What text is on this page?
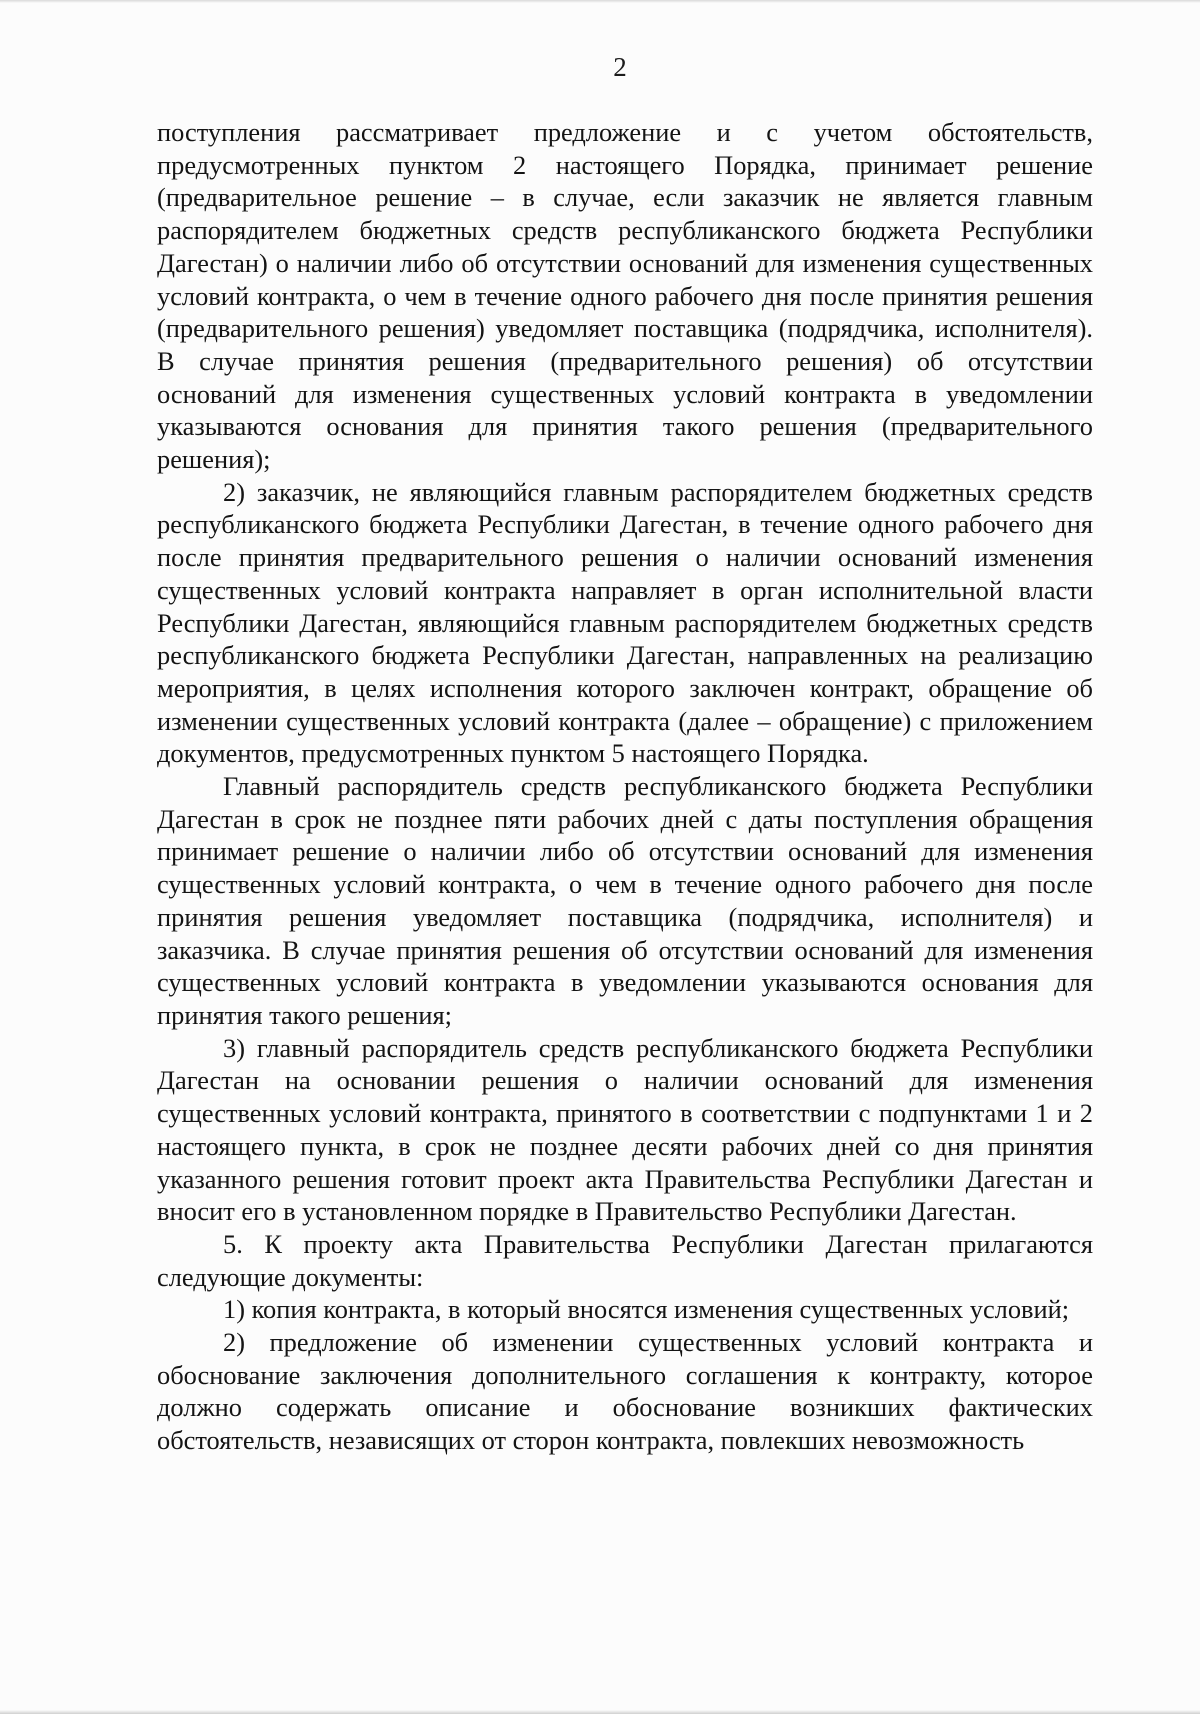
2

поступления рассматривает предложение и с учетом обстоятельств, предусмотренных пунктом 2 настоящего Порядка, принимает решение (предварительное решение – в случае, если заказчик не является главным распорядителем бюджетных средств республиканского бюджета Республики Дагестан) о наличии либо об отсутствии оснований для изменения существенных условий контракта, о чем в течение одного рабочего дня после принятия решения (предварительного решения) уведомляет поставщика (подрядчика, исполнителя). В случае принятия решения (предварительного решения) об отсутствии оснований для изменения существенных условий контракта в уведомлении указываются основания для принятия такого решения (предварительного решения);

2) заказчик, не являющийся главным распорядителем бюджетных средств республиканского бюджета Республики Дагестан, в течение одного рабочего дня после принятия предварительного решения о наличии оснований изменения существенных условий контракта направляет в орган исполнительной власти Республики Дагестан, являющийся главным распорядителем бюджетных средств республиканского бюджета Республики Дагестан, направленных на реализацию мероприятия, в целях исполнения которого заключен контракт, обращение об изменении существенных условий контракта (далее – обращение) с приложением документов, предусмотренных пунктом 5 настоящего Порядка.

Главный распорядитель средств республиканского бюджета Республики Дагестан в срок не позднее пяти рабочих дней с даты поступления обращения принимает решение о наличии либо об отсутствии оснований для изменения существенных условий контракта, о чем в течение одного рабочего дня после принятия решения уведомляет поставщика (подрядчика, исполнителя) и заказчика. В случае принятия решения об отсутствии оснований для изменения существенных условий контракта в уведомлении указываются основания для принятия такого решения;

3) главный распорядитель средств республиканского бюджета Республики Дагестан на основании решения о наличии оснований для изменения существенных условий контракта, принятого в соответствии с подпунктами 1 и 2 настоящего пункта, в срок не позднее десяти рабочих дней со дня принятия указанного решения готовит проект акта Правительства Республики Дагестан и вносит его в установленном порядке в Правительство Республики Дагестан.

5. К проекту акта Правительства Республики Дагестан прилагаются следующие документы:

1) копия контракта, в который вносятся изменения существенных условий;

2) предложение об изменении существенных условий контракта и обоснование заключения дополнительного соглашения к контракту, которое должно содержать описание и обоснование возникших фактических обстоятельств, независящих от сторон контракта, повлекших невозможность
